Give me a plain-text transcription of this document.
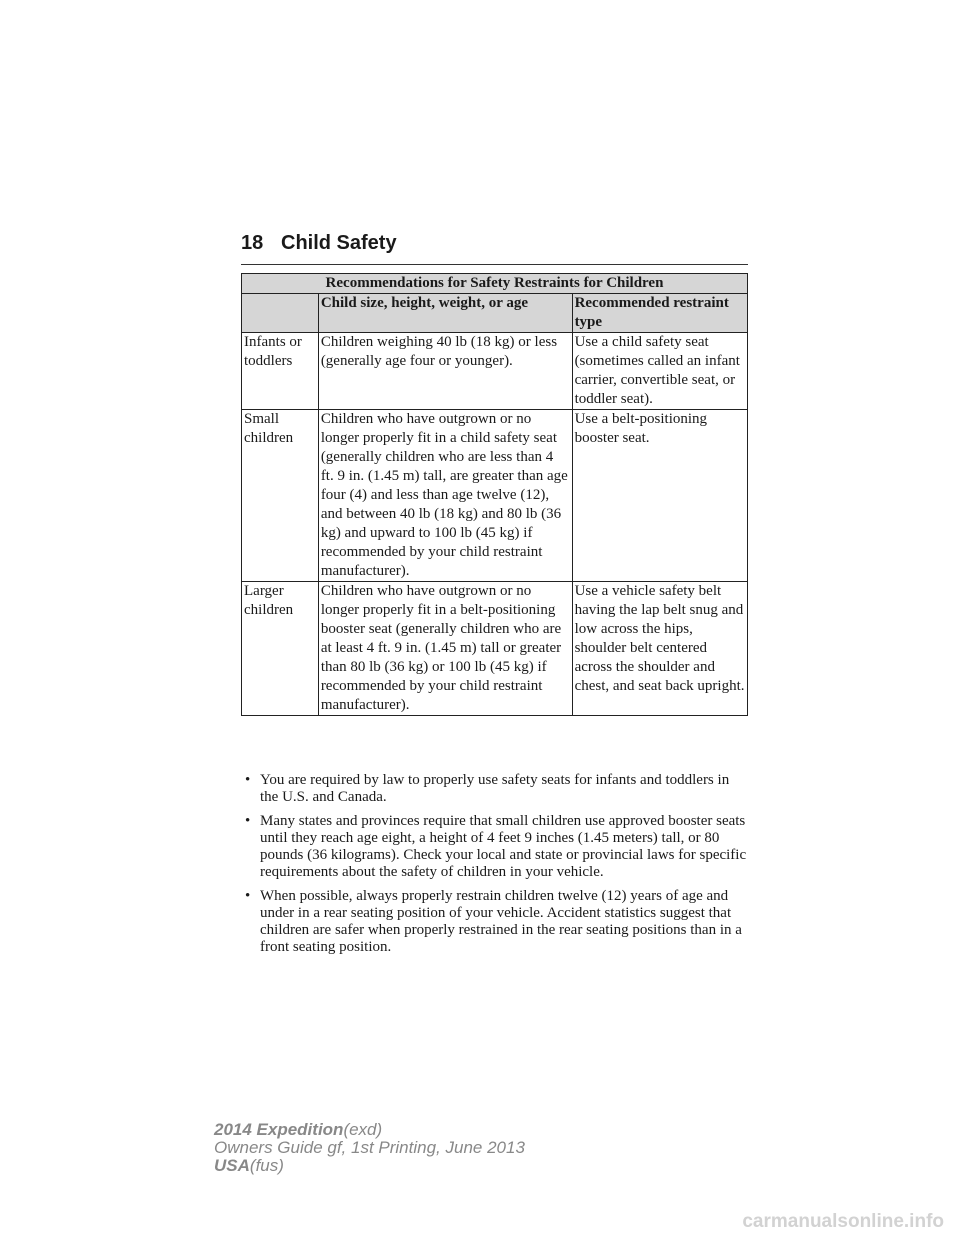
18 Child Safety
Recommendations for Safety Restraints for Children		
	Child size, height, weight, or age	Recommended restraint type
Infants or toddlers	Children weighing 40 lb (18 kg) or less (generally age four or younger).	Use a child safety seat (sometimes called an infant carrier, convertible seat, or toddler seat).
Small children	Children who have outgrown or no longer properly fit in a child safety seat (generally children who are less than 4 ft. 9 in. (1.45 m) tall, are greater than age four (4) and less than age twelve (12), and between 40 lb (18 kg) and 80 lb (36 kg) and upward to 100 lb (45 kg) if recommended by your child restraint manufacturer).	Use a belt-positioning booster seat.
Larger children	Children who have outgrown or no longer properly fit in a belt-positioning booster seat (generally children who are at least 4 ft. 9 in. (1.45 m) tall or greater than 80 lb (36 kg) or 100 lb (45 kg) if recommended by your child restraint manufacturer).	Use a vehicle safety belt having the lap belt snug and low across the hips, shoulder belt centered across the shoulder and chest, and seat back upright.
• You are required by law to properly use safety seats for infants and toddlers in the U.S. and Canada.
• Many states and provinces require that small children use approved booster seats until they reach age eight, a height of 4 feet 9 inches (1.45 meters) tall, or 80 pounds (36 kilograms). Check your local and state or provincial laws for specific requirements about the safety of children in your vehicle.
• When possible, always properly restrain children twelve (12) years of age and under in a rear seating position of your vehicle. Accident statistics suggest that children are safer when properly restrained in the rear seating positions than in a front seating position.
2014 Expedition(exd)
Owners Guide gf, 1st Printing, June 2013
USA(fus)
carmanualsonline.info
